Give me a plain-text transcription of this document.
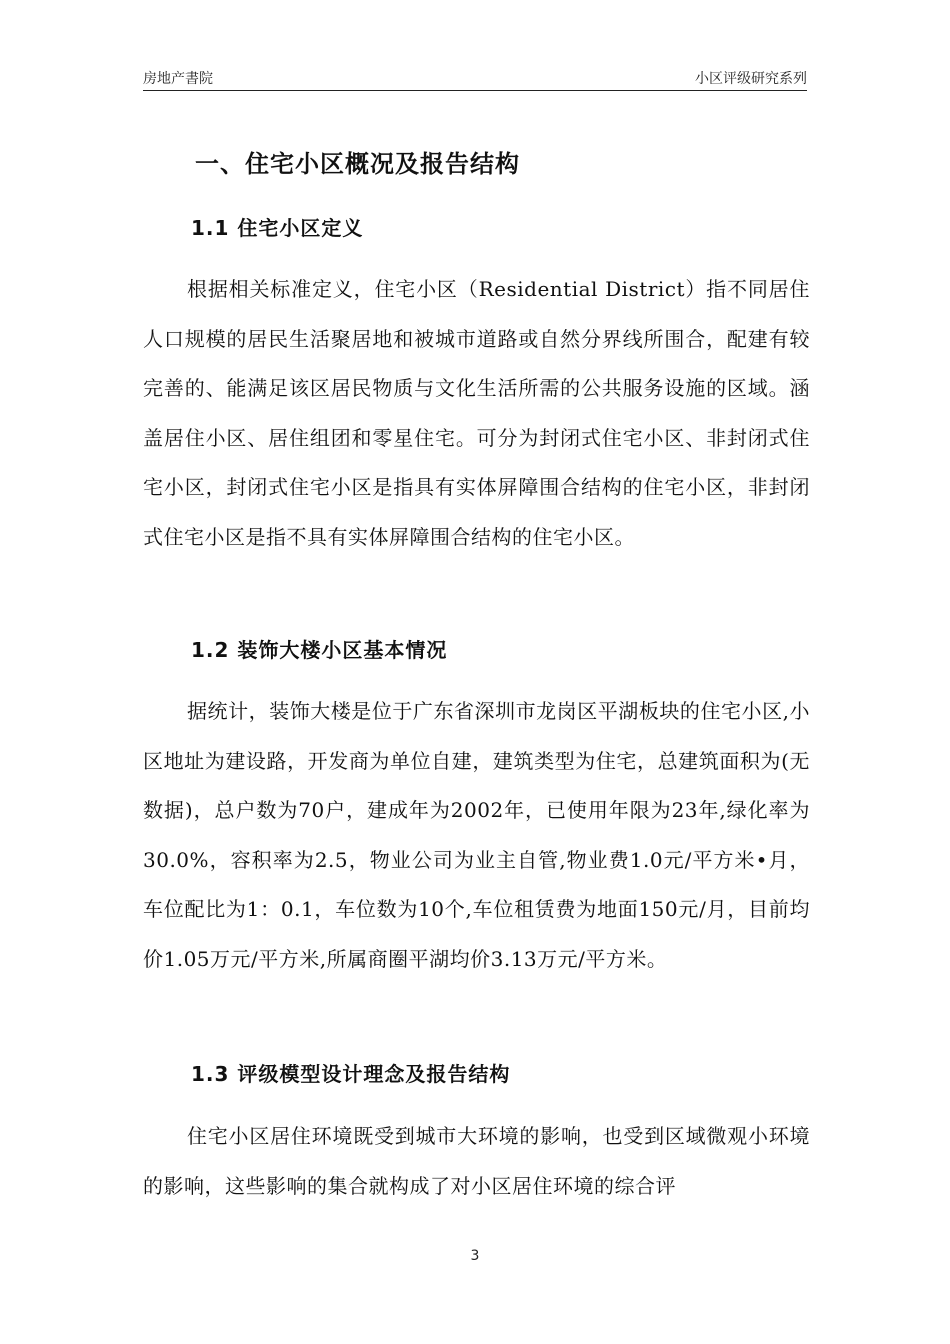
房地产書院	小区评级研究系列
一、住宅小区概况及报告结构
1.1 住宅小区定义

根据相关标准定义，住宅小区（Residential District）指不同居住人口规模的居民生活聚居地和被城市道路或自然分界线所围合，配建有较完善的、能满足该区居民物质与文化生活所需的公共服务设施的区域。涵盖居住小区、居住组团和零星住宅。可分为封闭式住宅小区、非封闭式住宅小区，封闭式住宅小区是指具有实体屏障围合结构的住宅小区，非封闭式住宅小区是指不具有实体屏障围合结构的住宅小区。

1.2 装饰大楼小区基本情况

据统计，装饰大楼是位于广东省深圳市龙岗区平湖板块的住宅小区,小区地址为建设路，开发商为单位自建，建筑类型为住宅，总建筑面积为(无数据)，总户数为70户，建成年为2002年，已使用年限为23年,绿化率为30.0%，容积率为2.5，物业公司为业主自管,物业费1.0元/平方米•月，车位配比为1：0.1，车位数为10个,车位租赁费为地面150元/月，目前均价1.05万元/平方米,所属商圈平湖均价3.13万元/平方米。

1.3 评级模型设计理念及报告结构

住宅小区居住环境既受到城市大环境的影响，也受到区域微观小环境的影响，这些影响的集合就构成了对小区居住环境的综合评

3
